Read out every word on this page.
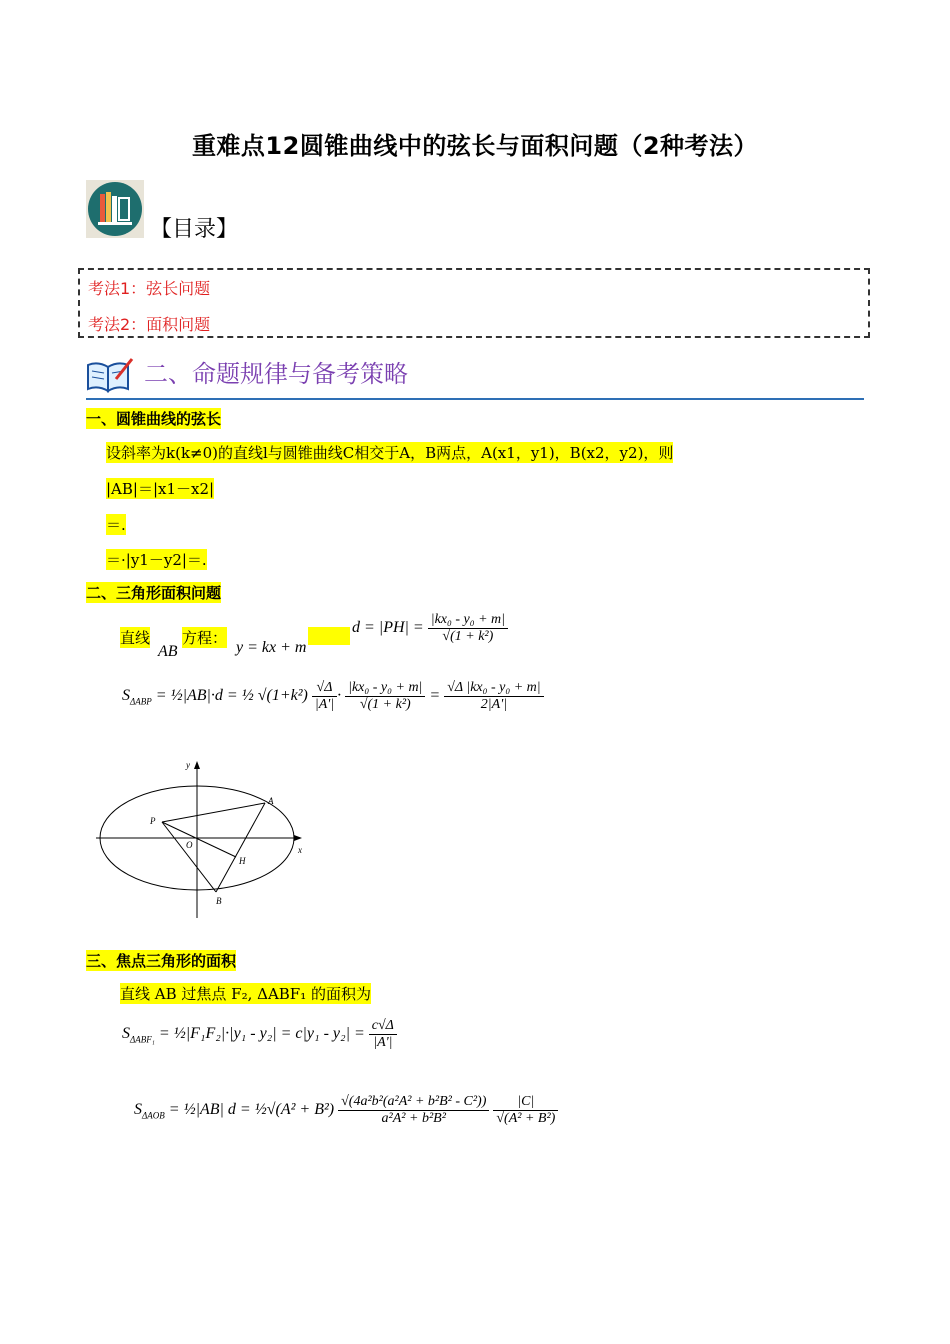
重难点12圆锥曲线中的弦长与面积问题（2种考法）
【目录】
考法1：弦长问题
考法2：面积问题
二、命题规律与备考策略
一、圆锥曲线的弦长
设斜率为k(k≠0)的直线l与圆锥曲线C相交于A，B两点，A(x1，y1)，B(x2，y2)，则
|AB|＝|x1－x2|
＝.
＝·|y1－y2|＝.
二、三角形面积问题
直线
AB
方程：
y = kx + m
$d = |PH| = \frac{\text{|kx₀ - y₀ + m|}}{\text{√(1 + k²)}}$
$S_{\Delta ABP}$ = ½|AB|·d = ½ $√(1+k^2) \frac{√\Delta}{|A'|} \cdot \frac{\text{|kx₀ - y₀ + m|}}{\text{√(1 + k²)}} = \frac{\text{√Δ |kx₀ - y₀ + m|}}{2|A'|}$
y
x
A
P
O
H
B
三、焦点三角形的面积
直线 AB 过焦点 F₂, ΔABF₁ 的面积为
$S_{\Delta ABF_1}$ = ½|F₁F₂|·|y₁ - $y_2| = c|y_1 - y_2| = \frac{c√\Delta}{|A'|}$
$S_{\Delta AOB}$ = ½|AB| d = ½√(A² + $B^2) \frac{\text{√(4a²b²(a²A² + b²B² - C²))}}{\text{a²A² + b²B²}}$
$\frac{|C|}{\text{√(A² + B²)}}$
